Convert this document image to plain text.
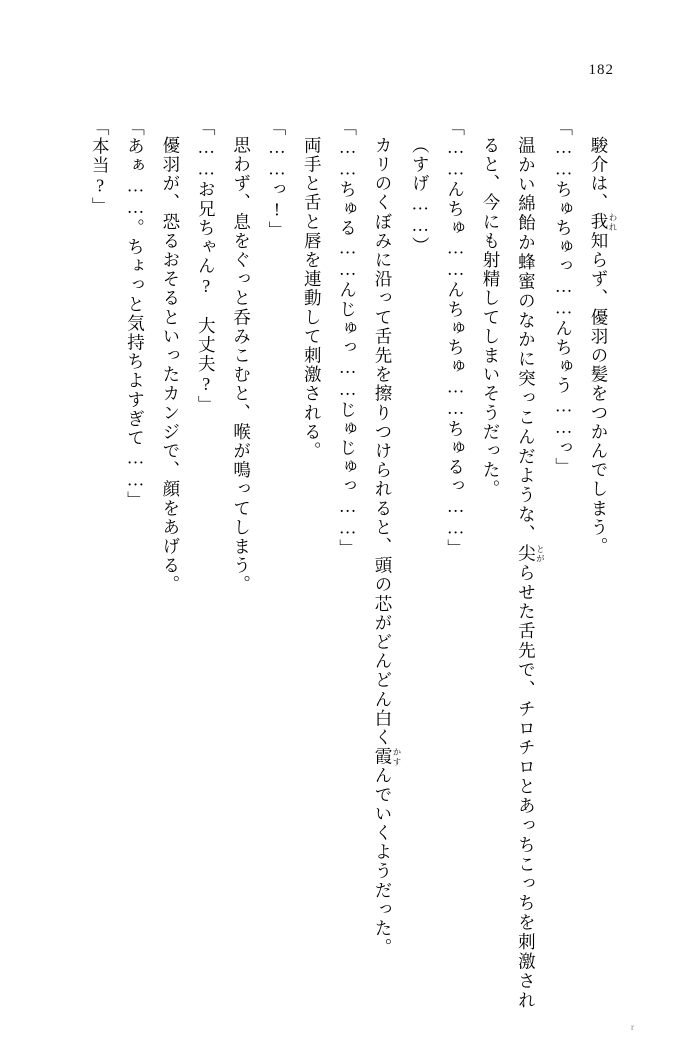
182

駿介は、我 われ知らず、優羽の髪をつかんでしまう。

「……ちゅちゅっ……んちゅう……っ」

温かい綿飴か蜂蜜のなかに突っこんだような、尖 とがらせた舌先で、チロチロとあっちこっちを刺激されると、今にも射精してしまいそうだった。

「……んちゅ……んちゅちゅ……ちゅるっ……」

（すげ……）

カリのくぼみに沿って舌先を擦りつけられると、頭の芯がどんどん白く霞 かすんでいくようだった。

「……ちゅる……んじゅっ……じゅじゅっ……」

両手と舌と唇を連動して刺激される。

「……っ!」

思わず、息をぐっと呑みこむと、喉が鳴ってしまう。

「……お兄ちゃん?　大丈夫?」

優羽が、恐るおそるといったカンジで、顔をあげる。

「あぁ……。ちょっと気持ちよすぎて……」

「本当?」

r
